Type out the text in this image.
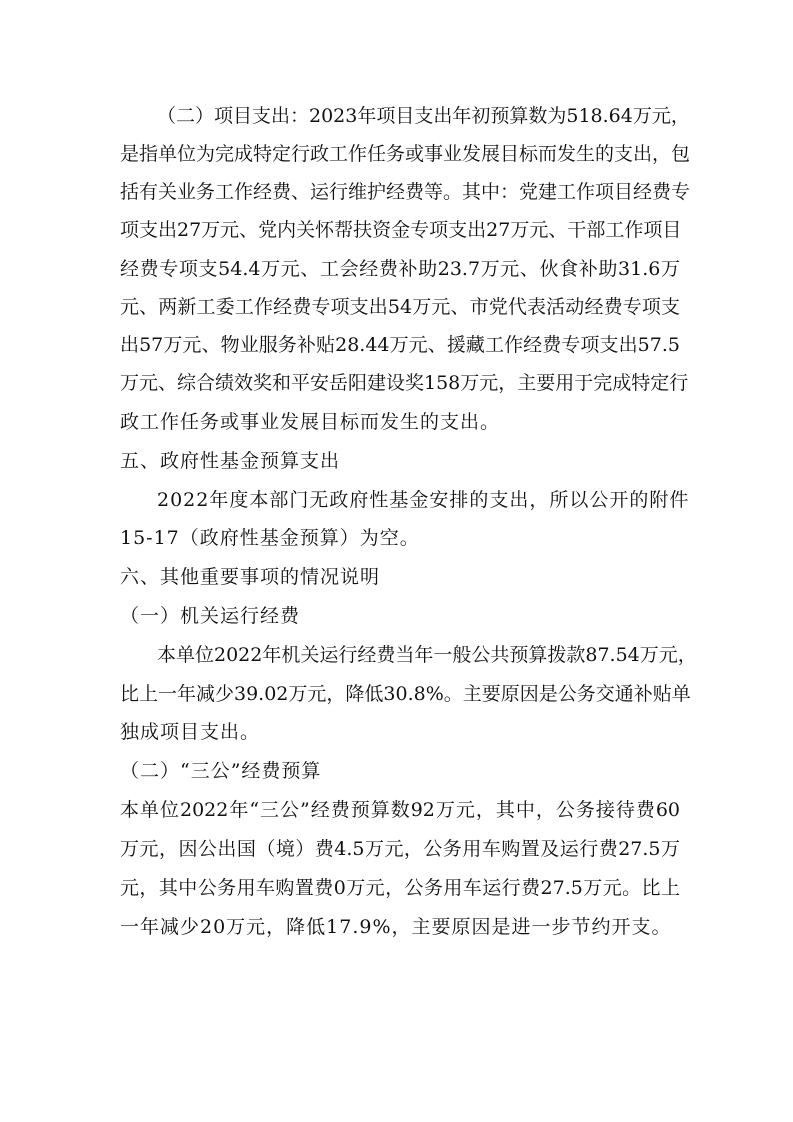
（二）项目支出：2023年项目支出年初预算数为518.64万元，
是指单位为完成特定行政工作任务或事业发展目标而发生的支出，包
括有关业务工作经费、运行维护经费等。其中：党建工作项目经费专
项支出27万元、党内关怀帮扶资金专项支出27万元、干部工作项目
经费专项支54.4万元、工会经费补助23.7万元、伙食补助31.6万
元、两新工委工作经费专项支出54万元、市党代表活动经费专项支
出57万元、物业服务补贴28.44万元、援藏工作经费专项支出57.5
万元、综合绩效奖和平安岳阳建设奖158万元，主要用于完成特定行
政工作任务或事业发展目标而发生的支出。
五、政府性基金预算支出
2022年度本部门无政府性基金安排的支出，所以公开的附件
15-17（政府性基金预算）为空。
六、其他重要事项的情况说明
（一）机关运行经费
本单位2022年机关运行经费当年一般公共预算拨款87.54万元，
比上一年减少39.02万元，降低30.8%。主要原因是公务交通补贴单
独成项目支出。
（二）“三公”经费预算
本单位2022年“三公”经费预算数92万元，其中，公务接待费60
万元，因公出国（境）费4.5万元，公务用车购置及运行费27.5万
元，其中公务用车购置费0万元，公务用车运行费27.5万元。比上
一年减少20万元，降低17.9%，主要原因是进一步节约开支。
